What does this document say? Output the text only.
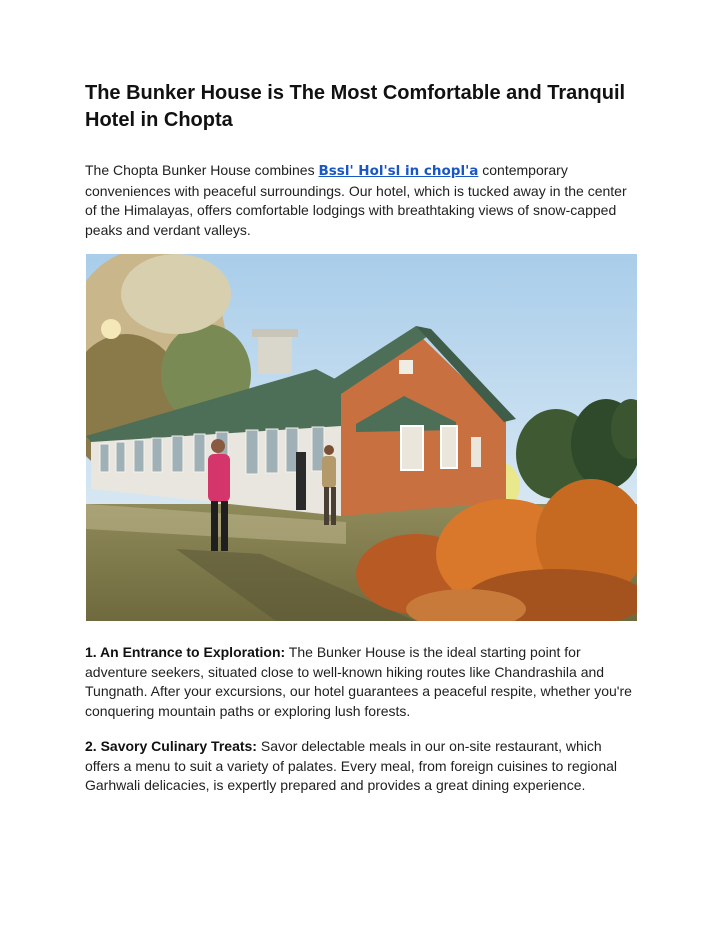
The Bunker House is The Most Comfortable and Tranquil Hotel in Chopta

The Chopta Bunker House combines Bssl' Hol'sl in chopl'a contemporary conveniences with peaceful surroundings. Our hotel, which is tucked away in the center of the Himalayas, offers comfortable lodgings with breathtaking views of snow-capped peaks and verdant valleys.

1. An Entrance to Exploration: The Bunker House is the ideal starting point for adventure seekers, situated close to well-known hiking routes like Chandrashila and Tungnath. After your excursions, our hotel guarantees a peaceful respite, whether you're conquering mountain paths or exploring lush forests.

2. Savory Culinary Treats: Savor delectable meals in our on-site restaurant, which offers a menu to suit a variety of palates. Every meal, from foreign cuisines to regional Garhwali delicacies, is expertly prepared and provides a great dining experience.
